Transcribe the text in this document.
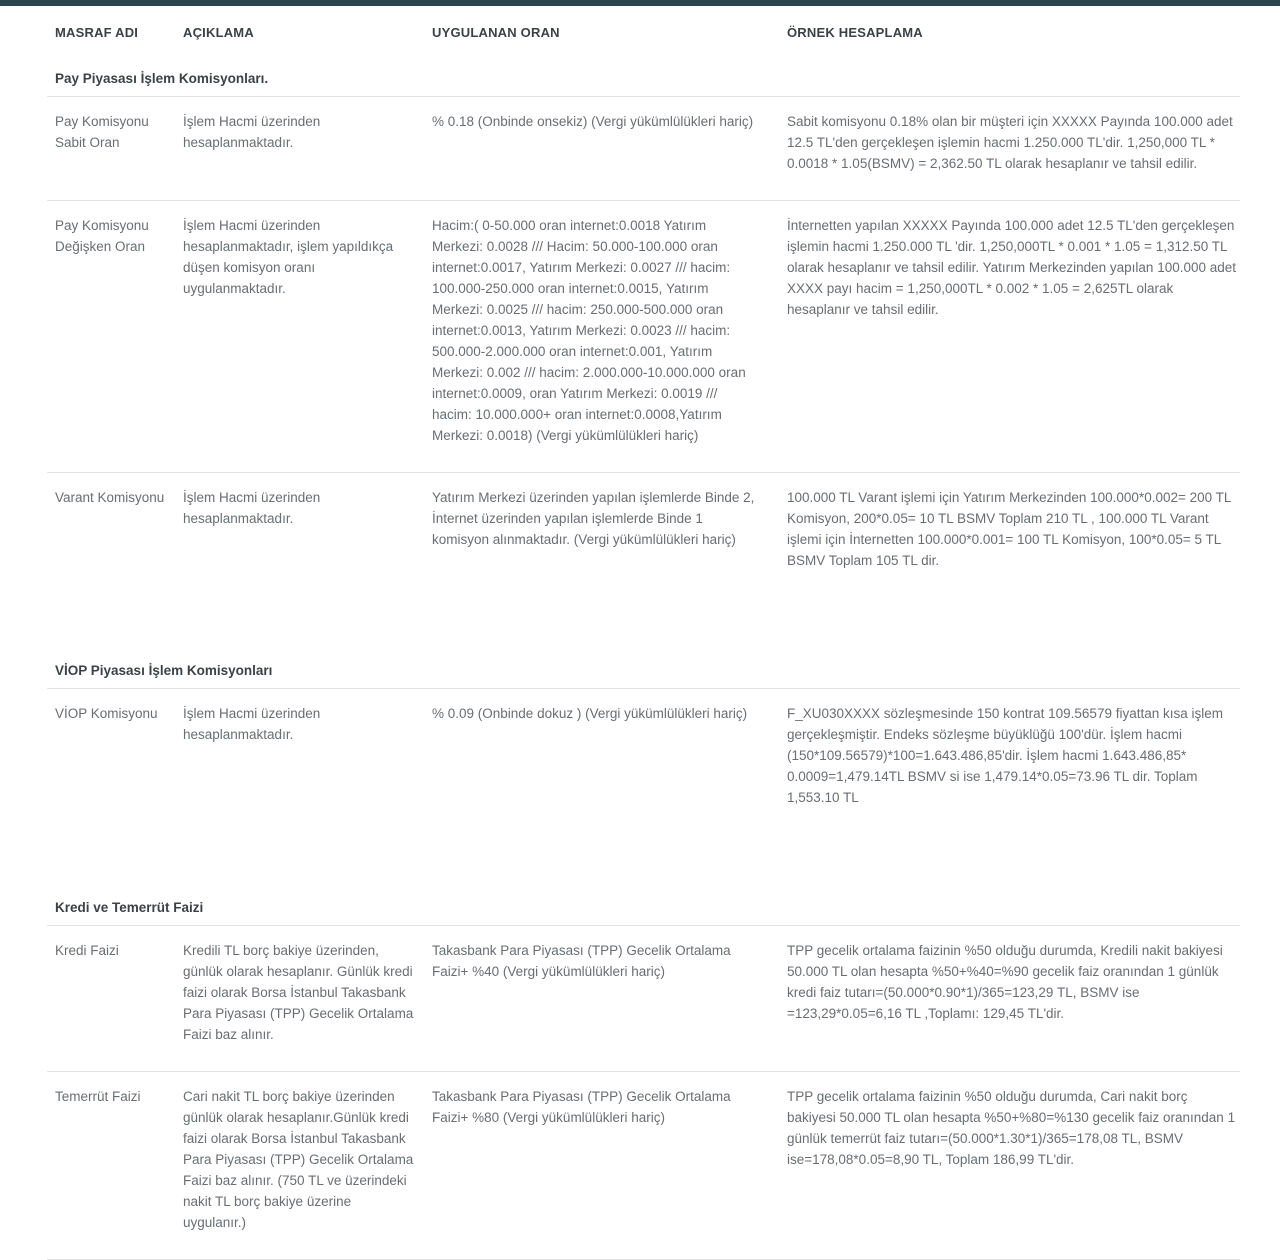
MASRAF ADI	AÇIKLAMA	UYGULANAN ORAN	ÖRNEK HESAPLAMA
Pay Piyasası İşlem Komisyonları.			
Pay Komisyonu Sabit Oran	İşlem Hacmi üzerinden hesaplanmaktadır.	% 0.18 (Onbinde onsekiz) (Vergi yükümlülükleri hariç)	Sabit komisyonu 0.18% olan bir müşteri için XXXXX Payında 100.000 adet 12.5 TL'den gerçekleşen işlemin hacmi 1.250.000 TL'dir. 1,250,000 TL * 0.0018 * 1.05(BSMV) = 2,362.50 TL olarak hesaplanır ve tahsil edilir.
Pay Komisyonu Değişken Oran	İşlem Hacmi üzerinden hesaplanmaktadır, işlem yapıldıkça düşen komisyon oranı uygulanmaktadır.	Hacim:( 0-50.000 oran internet:0.0018 Yatırım Merkezi: 0.0028 /// Hacim: 50.000-100.000 oran internet:0.0017, Yatırım Merkezi: 0.0027 /// hacim: 100.000-250.000 oran internet:0.0015, Yatırım Merkezi: 0.0025 /// hacim: 250.000-500.000 oran internet:0.0013, Yatırım Merkezi: 0.0023 /// hacim: 500.000-2.000.000 oran internet:0.001, Yatırım Merkezi: 0.002 /// hacim: 2.000.000-10.000.000 oran internet:0.0009, oran Yatırım Merkezi: 0.0019 /// hacim: 10.000.000+ oran internet:0.0008,Yatırım Merkezi: 0.0018) (Vergi yükümlülükleri hariç)	İnternetten yapılan XXXXX Payında 100.000 adet 12.5 TL'den gerçekleşen işlemin hacmi 1.250.000 TL 'dir. 1,250,000TL * 0.001 * 1.05 = 1,312.50 TL olarak hesaplanır ve tahsil edilir. Yatırım Merkezinden yapılan 100.000 adet XXXX payı hacim = 1,250,000TL * 0.002 * 1.05 = 2,625TL olarak hesaplanır ve tahsil edilir.
Varant Komisyonu	İşlem Hacmi üzerinden hesaplanmaktadır.	Yatırım Merkezi üzerinden yapılan işlemlerde Binde 2, İnternet üzerinden yapılan işlemlerde Binde 1 komisyon alınmaktadır. (Vergi yükümlülükleri hariç)	100.000 TL Varant işlemi için Yatırım Merkezinden 100.000*0.002= 200 TL Komisyon, 200*0.05= 10 TL BSMV Toplam 210 TL , 100.000 TL Varant işlemi için İnternetten 100.000*0.001= 100 TL Komisyon, 100*0.05= 5 TL BSMV Toplam 105 TL dir.
VİOP Piyasası İşlem Komisyonları			
VİOP Komisyonu	İşlem Hacmi üzerinden hesaplanmaktadır.	% 0.09 (Onbinde dokuz ) (Vergi yükümlülükleri hariç)	F_XU030XXXX sözleşmesinde 150 kontrat 109.56579 fiyattan kısa işlem gerçekleşmiştir. Endeks sözleşme büyüklüğü 100'dür. İşlem hacmi (150*109.56579)*100=1.643.486,85'dir. İşlem hacmi 1.643.486,85* 0.0009=1,479.14TL BSMV si ise 1,479.14*0.05=73.96 TL dir. Toplam 1,553.10 TL
Kredi ve Temerrüt Faizi			
Kredi Faizi	Kredili TL borç bakiye üzerinden, günlük olarak hesaplanır. Günlük kredi faizi olarak Borsa İstanbul Takasbank Para Piyasası (TPP) Gecelik Ortalama Faizi baz alınır.	Takasbank Para Piyasası (TPP) Gecelik Ortalama Faizi+ %40 (Vergi yükümlülükleri hariç)	TPP gecelik ortalama faizinin %50 olduğu durumda, Kredili nakit bakiyesi 50.000 TL olan hesapta %50+%40=%90 gecelik faiz oranından 1 günlük kredi faiz tutarı=(50.000*0.90*1)/365=123,29 TL, BSMV ise =123,29*0.05=6,16 TL ,Toplamı: 129,45 TL'dir.
Temerrüt Faizi	Cari nakit TL borç bakiye üzerinden günlük olarak hesaplanır.Günlük kredi faizi olarak Borsa İstanbul Takasbank Para Piyasası (TPP) Gecelik Ortalama Faizi baz alınır. (750 TL ve üzerindeki nakit TL borç bakiye üzerine uygulanır.)	Takasbank Para Piyasası (TPP) Gecelik Ortalama Faizi+ %80 (Vergi yükümlülükleri hariç)	TPP gecelik ortalama faizinin %50 olduğu durumda, Cari nakit borç bakiyesi 50.000 TL olan hesapta %50+%80=%130 gecelik faiz oranından 1 günlük temerrüt faiz tutarı=(50.000*1.30*1)/365=178,08 TL, BSMV ise=178,08*0.05=8,90 TL, Toplam 186,99 TL'dir.
